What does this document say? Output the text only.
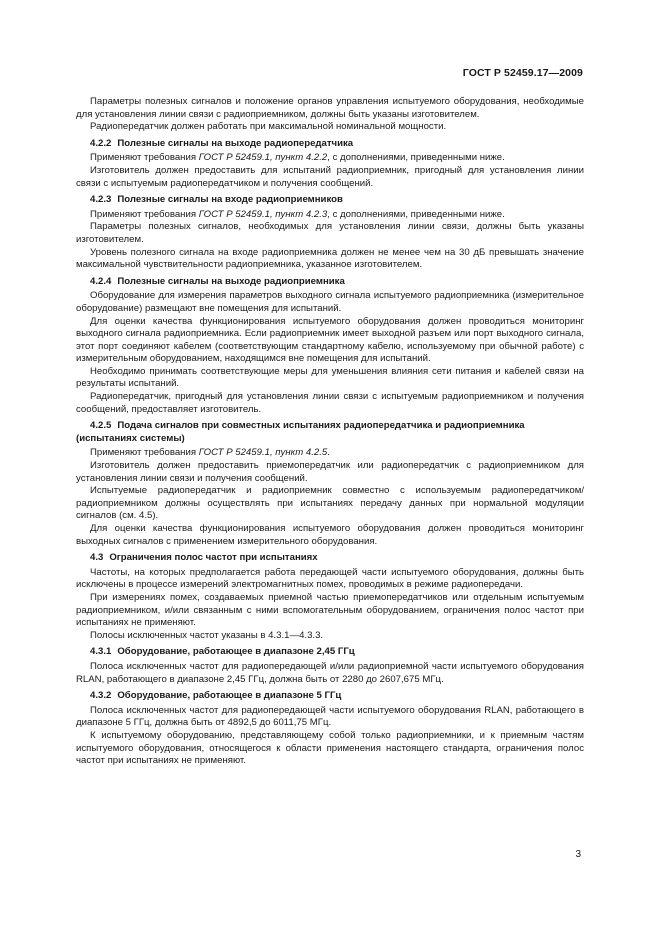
ГОСТ Р 52459.17—2009

Параметры полезных сигналов и положение органов управления испытуемого оборудования, необходимые для установления линии связи с радиоприемником, должны быть указаны изготовителем.

Радиопередатчик должен работать при максимальной номинальной мощности.

4.2.2 Полезные сигналы на выходе радиопередатчика

Применяют требования ГОСТ Р 52459.1, пункт 4.2.2, с дополнениями, приведенными ниже.

Изготовитель должен предоставить для испытаний радиоприемник, пригодный для установления линии связи с испытуемым радиопередатчиком и получения сообщений.

4.2.3 Полезные сигналы на входе радиоприемников

Применяют требования ГОСТ Р 52459.1, пункт 4.2.3, с дополнениями, приведенными ниже.

Параметры полезных сигналов, необходимых для установления линии связи, должны быть указаны изготовителем.

Уровень полезного сигнала на входе радиоприемника должен не менее чем на 30 дБ превышать значение максимальной чувствительности радиоприемника, указанное изготовителем.

4.2.4 Полезные сигналы на выходе радиоприемника

Оборудование для измерения параметров выходного сигнала испытуемого радиоприемника (измерительное оборудование) размещают вне помещения для испытаний.

Для оценки качества функционирования испытуемого оборудования должен проводиться мониторинг выходного сигнала радиоприемника. Если радиоприемник имеет выходной разъем или порт выходного сигнала, этот порт соединяют кабелем (соответствующим стандартному кабелю, используемому при обычной работе) с измерительным оборудованием, находящимся вне помещения для испытаний.

Необходимо принимать соответствующие меры для уменьшения влияния сети питания и кабелей связи на результаты испытаний.

Радиопередатчик, пригодный для установления линии связи с испытуемым радиоприемником и получения сообщений, предоставляет изготовитель.

4.2.5 Подача сигналов при совместных испытаниях радиопередатчика и радиоприемника (испытаниях системы)

Применяют требования ГОСТ Р 52459.1, пункт 4.2.5.

Изготовитель должен предоставить приемопередатчик или радиопередатчик с радиоприемником для установления линии связи и получения сообщений.

Испытуемые радиопередатчик и радиоприемник совместно с используемым радиопередатчиком/радиоприемником должны осуществлять при испытаниях передачу данных при нормальной модуляции сигналов (см. 4.5).

Для оценки качества функционирования испытуемого оборудования должен проводиться мониторинг выходных сигналов с применением измерительного оборудования.

4.3 Ограничения полос частот при испытаниях

Частоты, на которых предполагается работа передающей части испытуемого оборудования, должны быть исключены в процессе измерений электромагнитных помех, проводимых в режиме радиопередачи.

При измерениях помех, создаваемых приемной частью приемопередатчиков или отдельным испытуемым радиоприемником, и/или связанным с ними вспомогательным оборудованием, ограничения полос частот при испытаниях не применяют.

Полосы исключенных частот указаны в 4.3.1—4.3.3.

4.3.1 Оборудование, работающее в диапазоне 2,45 ГГц

Полоса исключенных частот для радиопередающей и/или радиоприемной части испытуемого оборудования RLAN, работающего в диапазоне 2,45 ГГц, должна быть от 2280 до 2607,675 МГц.

4.3.2 Оборудование, работающее в диапазоне 5 ГГц

Полоса исключенных частот для радиопередающей части испытуемого оборудования RLAN, работающего в диапазоне 5 ГГц, должна быть от 4892,5 до 6011,75 МГц.

К испытуемому оборудованию, представляющему собой только радиоприемники, и к приемным частям испытуемого оборудования, относящегося к области применения настоящего стандарта, ограничения полос частот при испытаниях не применяют.

3
